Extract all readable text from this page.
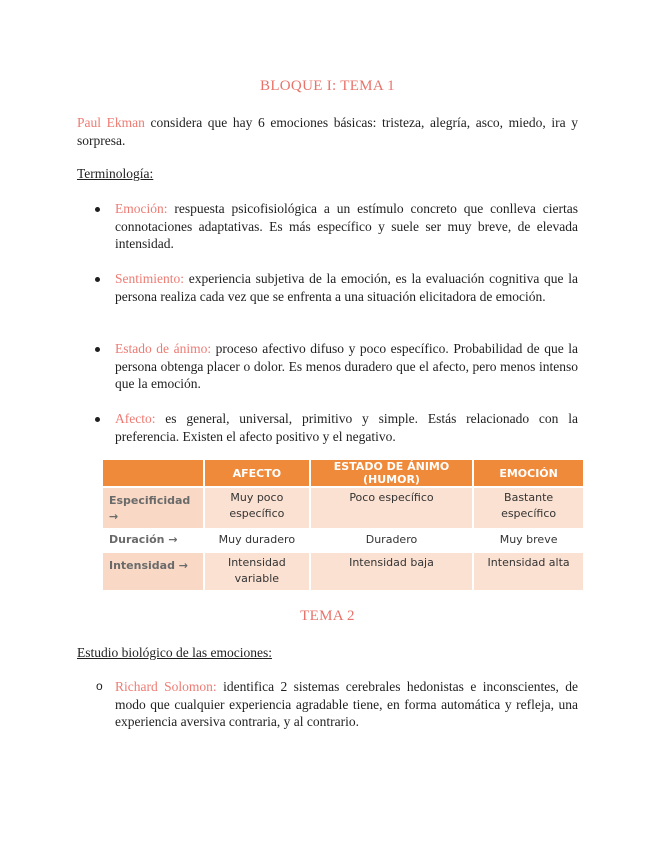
BLOQUE I: TEMA 1
Paul Ekman considera que hay 6 emociones básicas: tristeza, alegría, asco, miedo, ira y sorpresa.
Terminología:
Emoción: respuesta psicofisiológica a un estímulo concreto que conlleva ciertas connotaciones adaptativas. Es más específico y suele ser muy breve, de elevada intensidad.
Sentimiento: experiencia subjetiva de la emoción, es la evaluación cognitiva que la persona realiza cada vez que se enfrenta a una situación elicitadora de emoción.
Estado de ánimo: proceso afectivo difuso y poco específico. Probabilidad de que la persona obtenga placer o dolor. Es menos duradero que el afecto, pero menos intenso que la emoción.
Afecto: es general, universal, primitivo y simple. Estás relacionado con la preferencia. Existen el afecto positivo y el negativo.
	AFECTO	ESTADO DE ÁNIMO (HUMOR)	EMOCIÓN
Especificidad →	Muy poco específico	Poco específico	Bastante específico
Duración →	Muy duradero	Duradero	Muy breve
Intensidad →	Intensidad variable	Intensidad baja	Intensidad alta
TEMA 2
Estudio biológico de las emociones:
o Richard Solomon: identifica 2 sistemas cerebrales hedonistas e inconscientes, de modo que cualquier experiencia agradable tiene, en forma automática y refleja, una experiencia aversiva contraria, y al contrario.
